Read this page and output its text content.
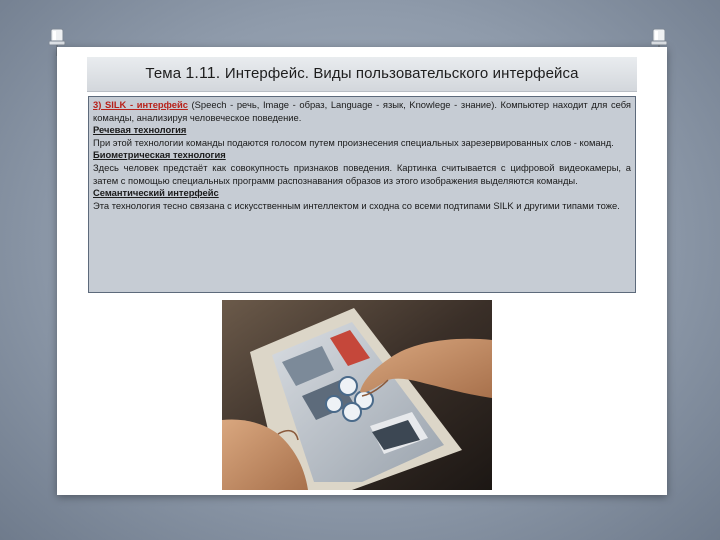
Тема 1.11. Интерфейс. Виды пользовательского интерфейса

3) SILK - интерфейс (Speech - речь, Image - образ, Language - язык, Knowlege - знание). Компьютер находит для себя команды, анализируя человеческое поведение.

Речевая технология

При этой технологии команды подаются голосом путем произнесения специальных зарезервированных слов - команд.

Биометрическая технология

Здесь человек предстаёт как совокупность признаков поведения. Картинка считывается с цифровой видеокамеры, а затем с помощью специальных программ распознавания образов из этого изображения выделяются команды.

Семантический интерфейс

Эта технология тесно связана с искусственным интеллектом и сходна со всеми подтипами SILK и другими типами тоже.
